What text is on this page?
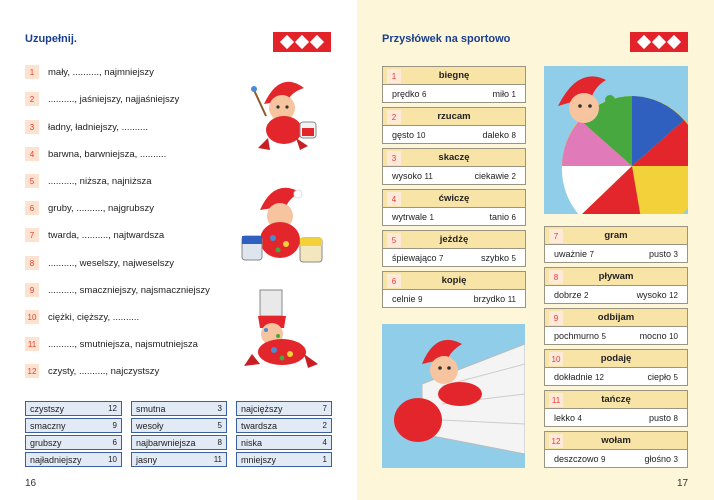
Uzupełnij.
1	mały, .........., najmniejszy
2	.........., jaśniejszy, najjaśniejszy
3	ładny, ładniejszy, ..........
4	barwna, barwniejsza, ..........
5	.........., niższa, najniższa
6	gruby, .........., najgrubszy
7	twarda, .........., najtwardsza
8	.........., weselszy, najweselszy
9	.........., smaczniejszy, najsmaczniejszy
10 ciężki, cięższy, ..........
11 .........., smutniejsza, najsmutniejsza
12 czysty, .........., najczystszy
czystszy	12
smaczny	9
grubszy	6
najładniejszy	10
smutna	3
wesoły	5
najbarwniejsza	8
jasny	11
najcięższy	7
twardsza	2
niska	4
mniejszy	1
16
Przysłówek na sportowo
1	biegnę
prędko 6	miło 1
2	rzucam
gęsto 10	daleko 8
3	skaczę
wysoko 11	ciekawie 2
4	ćwiczę
wytrwale 1	tanio 6
5	jeżdżę
śpiewająco 7	szybko 5
6	kopię
celnie 9	brzydko 11
7	gram
uważnie 7	pusto 3
8	pływam
dobrze 2	wysoko 12
9	odbijam
pochmurno 5	mocno 10
10	podaję
dokładnie 12	ciepło 5
11	tańczę
lekko 4	pusto 8
12	wołam
deszczowo 9	głośno 3
17
